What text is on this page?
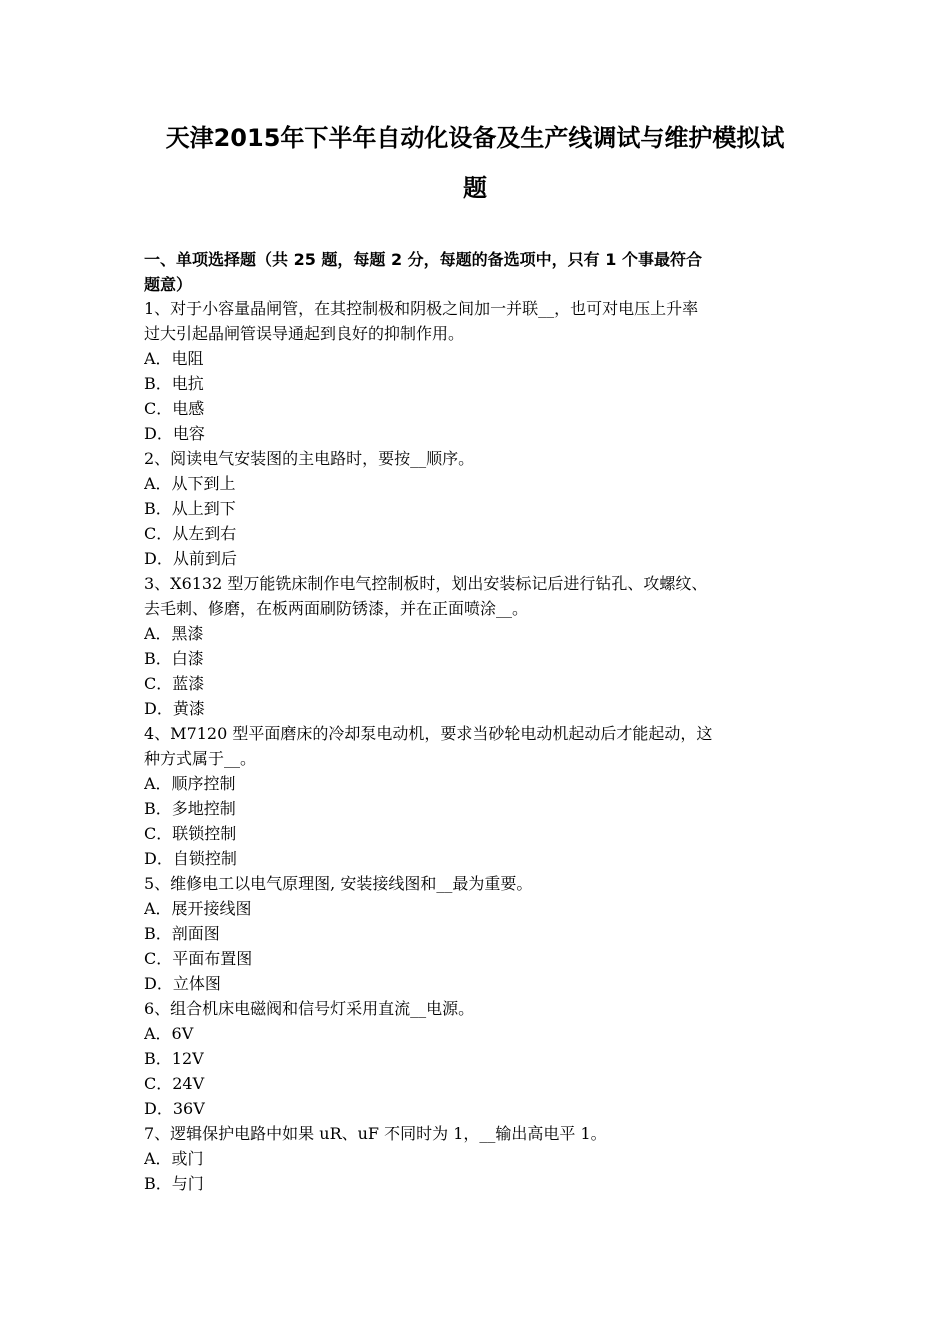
天津2015年下半年自动化设备及生产线调试与维护模拟试
题
一、单项选择题（共 25 题，每题 2 分，每题的备选项中，只有 1 个事最符合
题意）
1、对于小容量晶闸管，在其控制极和阴极之间加一并联__，也可对电压上升率
过大引起晶闸管误导通起到良好的抑制作用。
A．电阻
B．电抗
C．电感
D．电容
2、阅读电气安装图的主电路时，要按__顺序。
A．从下到上
B．从上到下
C．从左到右
D．从前到后
3、X6132 型万能铣床制作电气控制板时，划出安装标记后进行钻孔、攻螺纹、
去毛刺、修磨，在板两面刷防锈漆，并在正面喷涂__。
A．黑漆
B．白漆
C．蓝漆
D．黄漆
4、M7120 型平面磨床的冷却泵电动机，要求当砂轮电动机起动后才能起动，这
种方式属于__。
A．顺序控制
B．多地控制
C．联锁控制
D．自锁控制
5、维修电工以电气原理图, 安装接线图和__最为重要。
A．展开接线图
B．剖面图
C．平面布置图
D．立体图
6、组合机床电磁阀和信号灯采用直流__电源。
A．6V
B．12V
C．24V
D．36V
7、逻辑保护电路中如果 uR、uF 不同时为 1，__输出高电平 1。
A．或门
B．与门
